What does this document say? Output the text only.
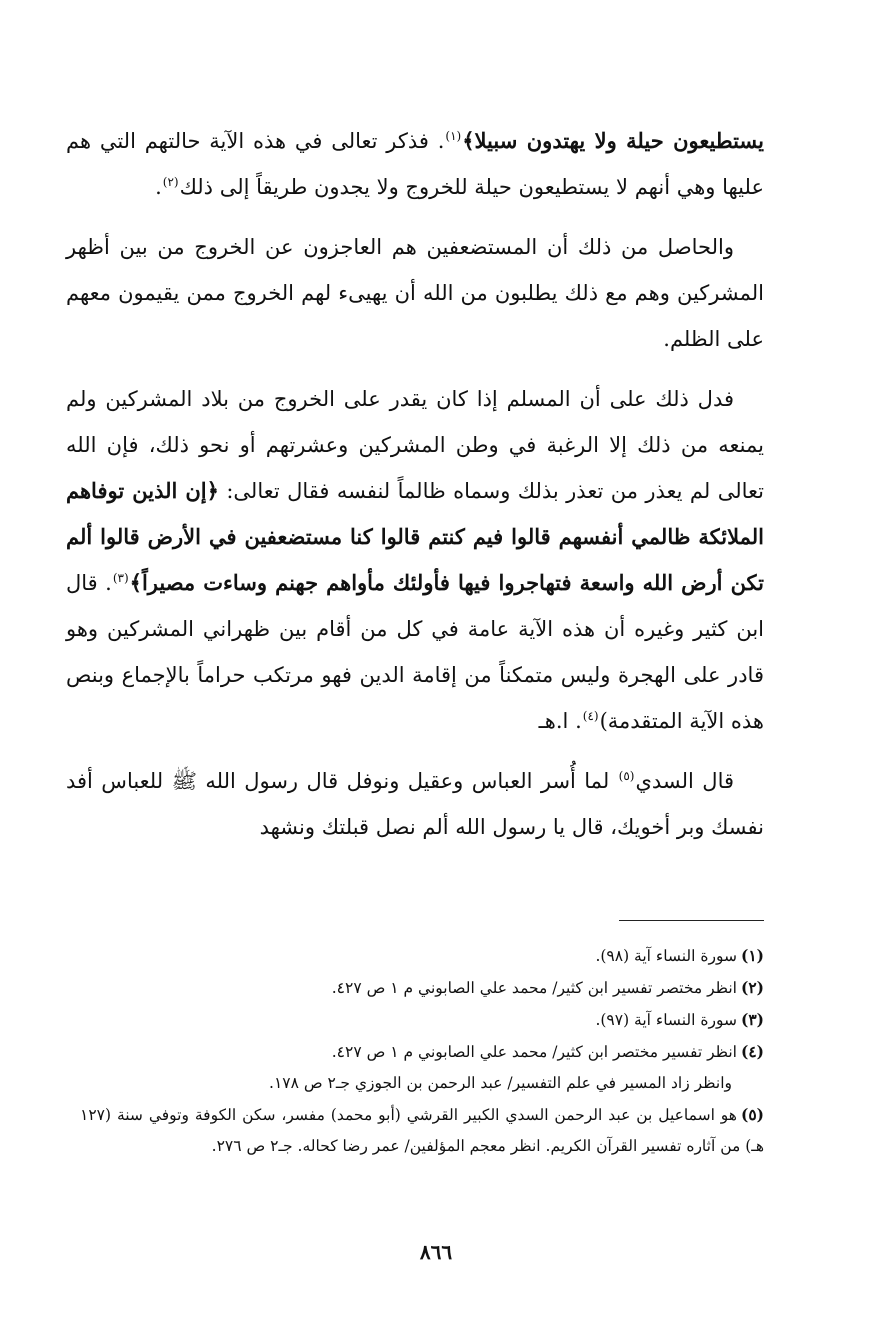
يستطيعون حيلة ولا يهتدون سبيلا﴾$^{(١)}$. فذكر تعالى في هذه الآية حالتهم التي هم عليها وهي أنهم لا يستطيعون حيلة للخروج ولا يجدون طريقاً إلى ذلك$^{(٢)}$.

والحاصل من ذلك أن المستضعفين هم العاجزون عن الخروج من بين أظهر المشركين وهم مع ذلك يطلبون من الله أن يهيىء لهم الخروج ممن يقيمون معهم على الظلم.

فدل ذلك على أن المسلم إذا كان يقدر على الخروج من بلاد المشركين ولم يمنعه من ذلك إلا الرغبة في وطن المشركين وعشرتهم أو نحو ذلك، فإن الله تعالى لم يعذر من تعذر بذلك وسماه ظالماً لنفسه فقال تعالى: ﴿إن الذين توفاهم الملائكة ظالمي أنفسهم قالوا فيم كنتم قالوا كنا مستضعفين في الأرض قالوا ألم تكن أرض الله واسعة فتهاجروا فيها فأولئك مأواهم جهنم وساءت مصيراً﴾$^{(٣)}$. قال ابن كثير وغيره أن هذه الآية عامة في كل من أقام بين ظهراني المشركين وهو قادر على الهجرة وليس متمكناً من إقامة الدين فهو مرتكب حراماً بالإجماع وبنص هذه الآية المتقدمة)$^{(٤)}$. ا.هـ

قال السدي$^{(٥)}$ لما أُسر العباس وعقيل ونوفل قال رسول الله ﷺ للعباس أفد نفسك وبر أخويك، قال يا رسول الله ألم نصل قبلتك ونشهد

(١)سورة النساء آية (٩٨).

(٢)انظر مختصر تفسير ابن كثير/ محمد علي الصابوني م ١ ص ٤٢٧.

(٣)سورة النساء آية (٩٧).

(٤)انظر تفسير مختصر ابن كثير/ محمد علي الصابوني م ١ ص ٤٢٧.

وانظر زاد المسير في علم التفسير/ عبد الرحمن بن الجوزي جـ٢ ص ١٧٨.

(٥)هو اسماعيل بن عبد الرحمن السدي الكبير القرشي (أبو محمد) مفسر، سكن الكوفة وتوفي سنة (١٢٧ هـ) من آثاره تفسير القرآن الكريم. انظر معجم المؤلفين/ عمر رضا كحاله. جـ٢ ص ٢٧٦.

٨٦٦
